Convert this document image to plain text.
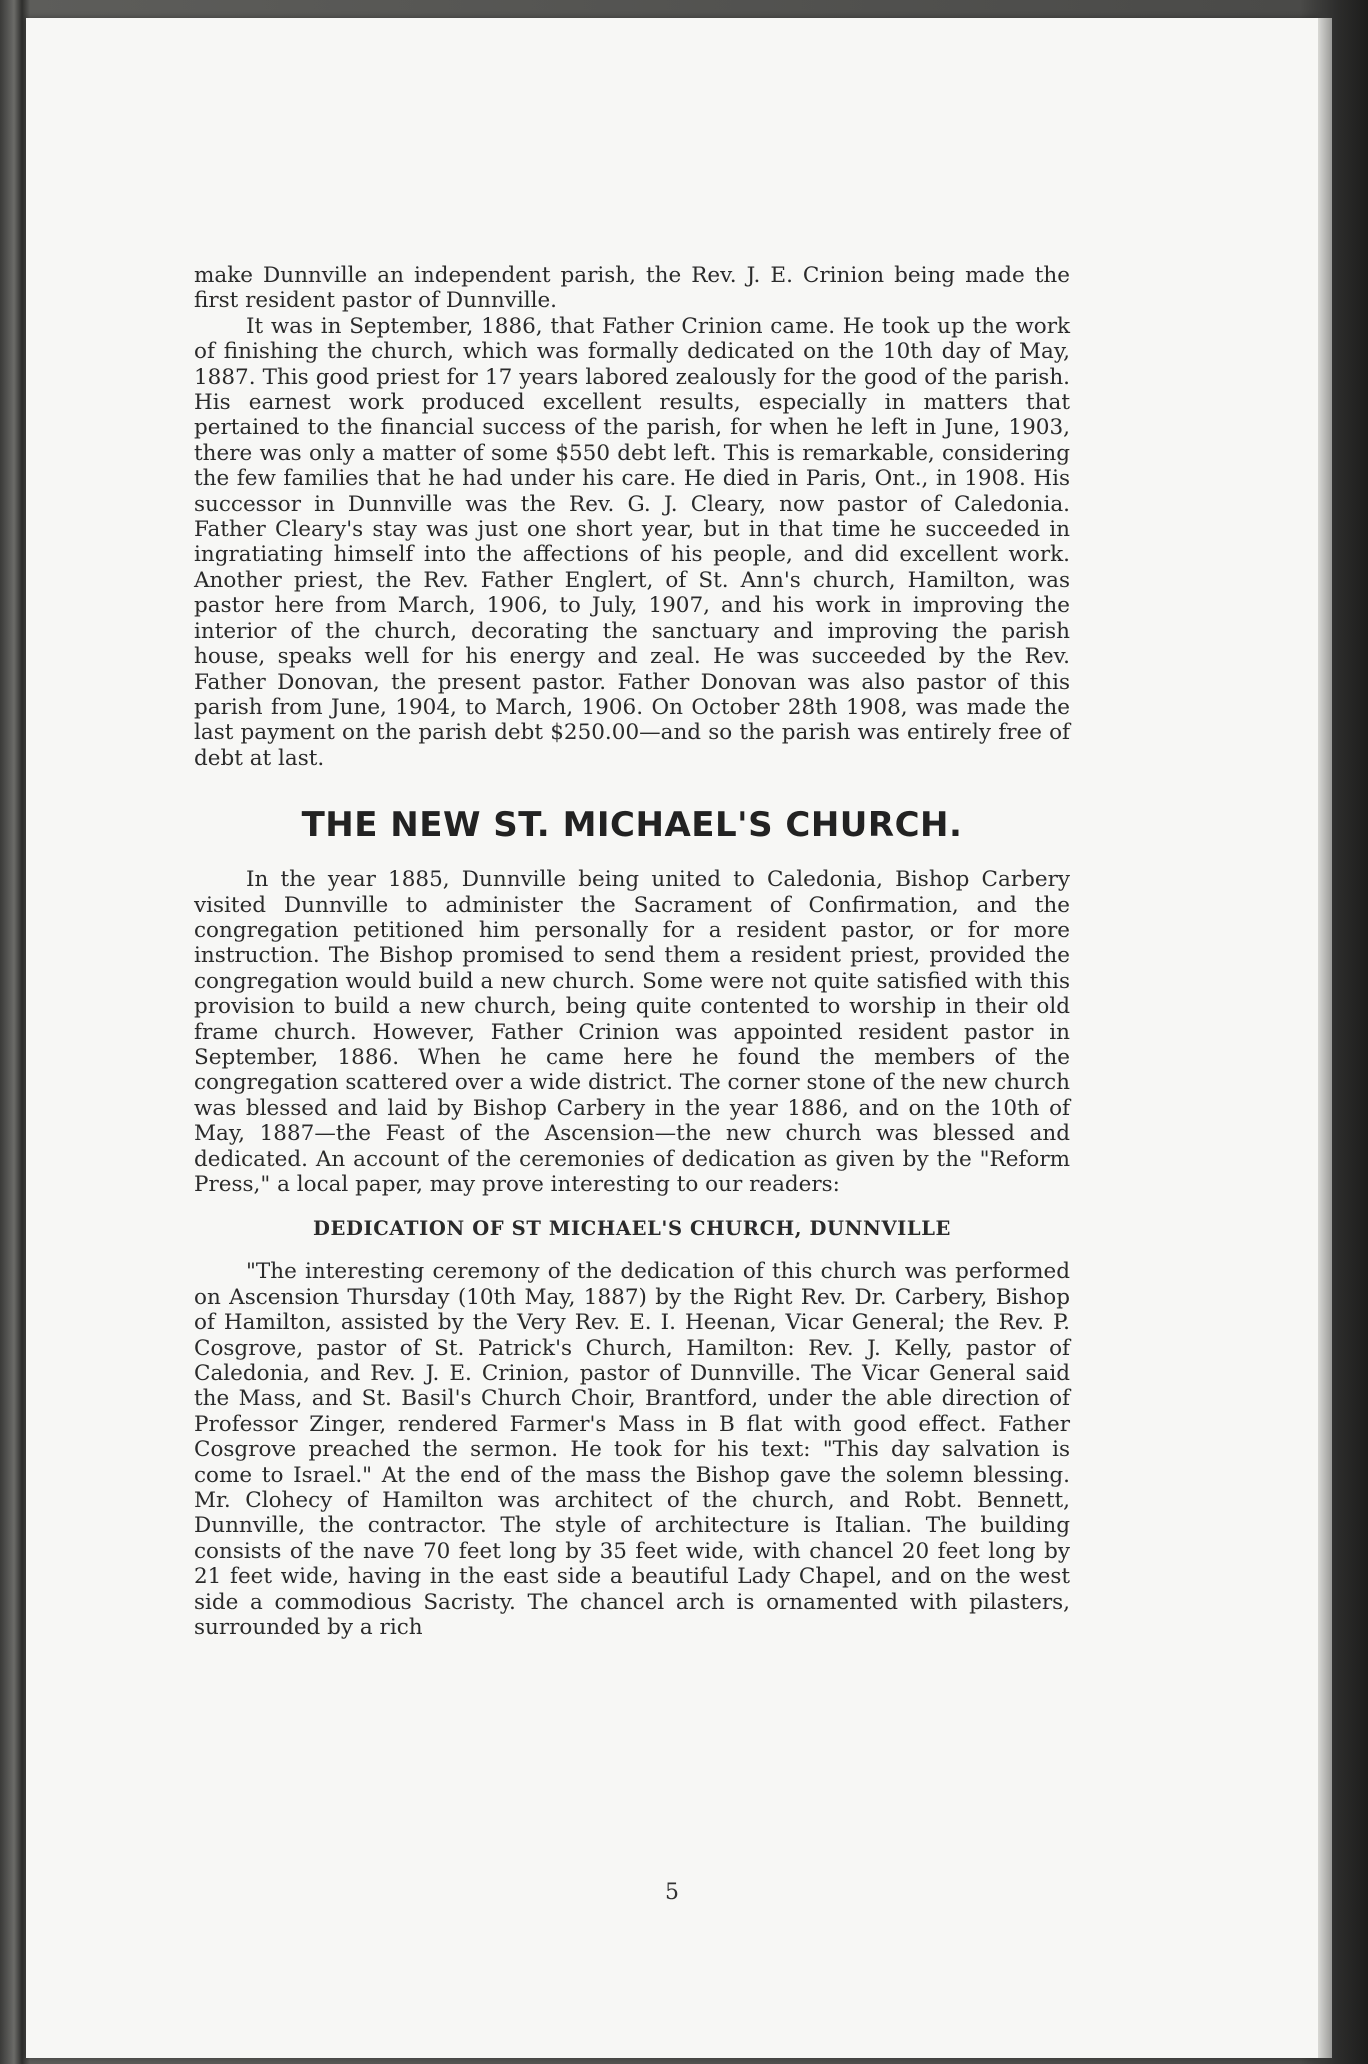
make Dunnville an independent parish, the Rev. J. E. Crinion being made the first resident pastor of Dunnville.

It was in September, 1886, that Father Crinion came. He took up the work of finishing the church, which was formally dedicated on the 10th day of May, 1887. This good priest for 17 years labored zealously for the good of the parish. His earnest work produced excellent results, especially in matters that pertained to the financial success of the parish, for when he left in June, 1903, there was only a matter of some $550 debt left. This is remarkable, considering the few families that he had under his care. He died in Paris, Ont., in 1908. His successor in Dunnville was the Rev. G. J. Cleary, now pastor of Caledonia. Father Cleary's stay was just one short year, but in that time he succeeded in ingratiating himself into the affections of his people, and did excellent work. Another priest, the Rev. Father Englert, of St. Ann's church, Hamilton, was pastor here from March, 1906, to July, 1907, and his work in improving the interior of the church, decorating the sanctuary and improving the parish house, speaks well for his energy and zeal. He was succeeded by the Rev. Father Donovan, the present pastor. Father Donovan was also pastor of this parish from June, 1904, to March, 1906. On October 28th 1908, was made the last payment on the parish debt $250.00—and so the parish was entirely free of debt at last.

THE NEW ST. MICHAEL'S CHURCH.

In the year 1885, Dunnville being united to Caledonia, Bishop Carbery visited Dunnville to administer the Sacrament of Confirmation, and the congregation petitioned him personally for a resident pastor, or for more instruction. The Bishop promised to send them a resident priest, provided the congregation would build a new church. Some were not quite satisfied with this provision to build a new church, being quite contented to worship in their old frame church. However, Father Crinion was appointed resident pastor in September, 1886. When he came here he found the members of the congregation scattered over a wide district. The corner stone of the new church was blessed and laid by Bishop Carbery in the year 1886, and on the 10th of May, 1887—the Feast of the Ascension—the new church was blessed and dedicated. An account of the ceremonies of dedication as given by the "Reform Press," a local paper, may prove interesting to our readers:

DEDICATION OF ST MICHAEL'S CHURCH, DUNNVILLE

"The interesting ceremony of the dedication of this church was performed on Ascension Thursday (10th May, 1887) by the Right Rev. Dr. Carbery, Bishop of Hamilton, assisted by the Very Rev. E. I. Heenan, Vicar General; the Rev. P. Cosgrove, pastor of St. Patrick's Church, Hamilton: Rev. J. Kelly, pastor of Caledonia, and Rev. J. E. Crinion, pastor of Dunnville. The Vicar General said the Mass, and St. Basil's Church Choir, Brantford, under the able direction of Professor Zinger, rendered Farmer's Mass in B flat with good effect. Father Cosgrove preached the sermon. He took for his text: "This day salvation is come to Israel." At the end of the mass the Bishop gave the solemn blessing. Mr. Clohecy of Hamilton was architect of the church, and Robt. Bennett, Dunnville, the contractor. The style of architecture is Italian. The building consists of the nave 70 feet long by 35 feet wide, with chancel 20 feet long by 21 feet wide, having in the east side a beautiful Lady Chapel, and on the west side a commodious Sacristy. The chancel arch is ornamented with pilasters, surrounded by a rich

5
